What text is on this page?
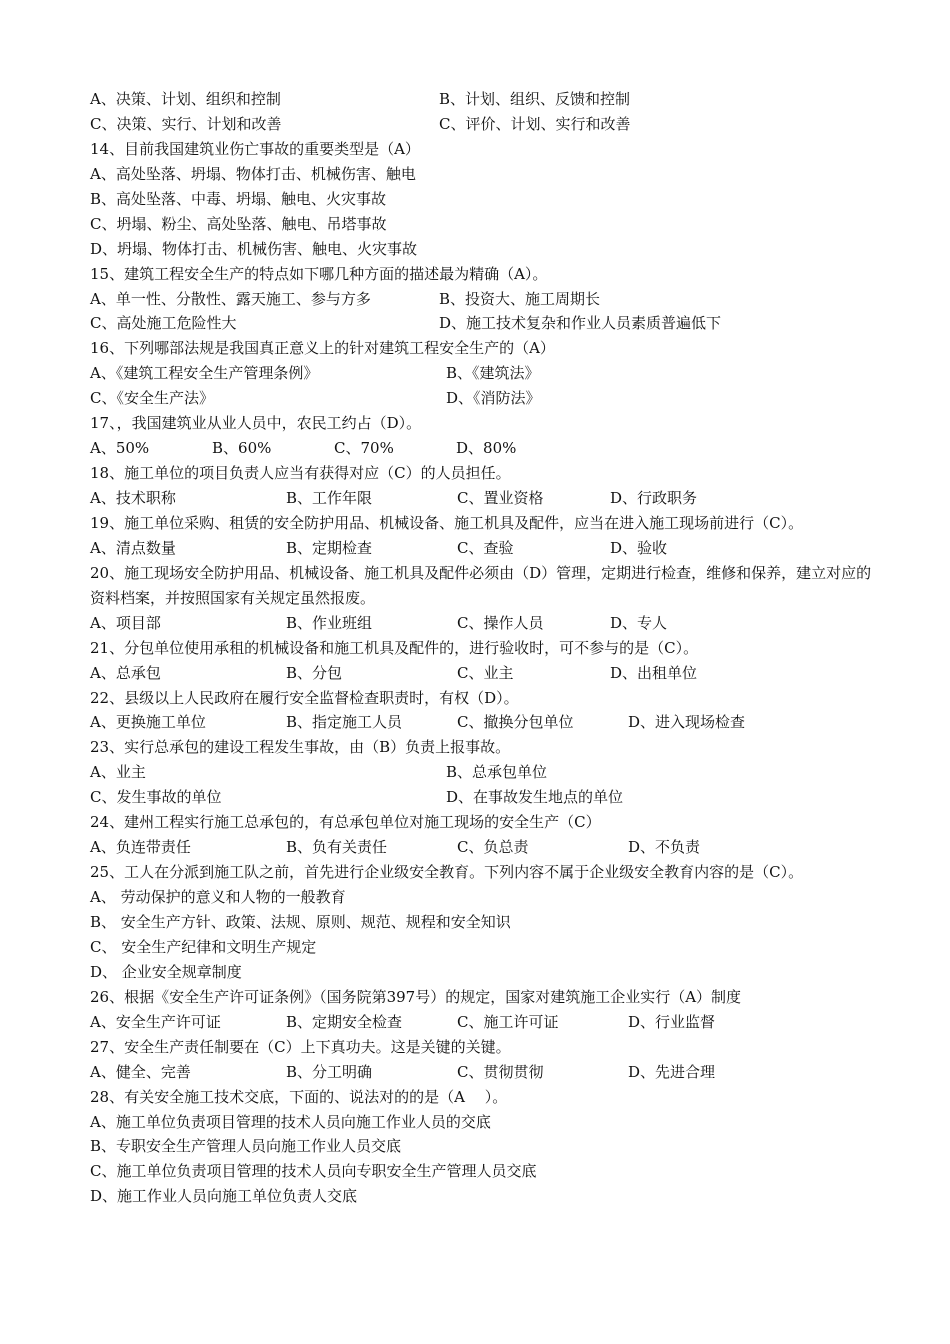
A、决策、计划、组织和控制	B、计划、组织、反馈和控制
C、决策、实行、计划和改善	C、评价、计划、实行和改善
14、目前我国建筑业伤亡事故的重要类型是（A）
A、高处坠落、坍塌、物体打击、机械伤害、触电
B、高处坠落、中毒、坍塌、触电、火灾事故
C、坍塌、粉尘、高处坠落、触电、吊塔事故
D、坍塌、物体打击、机械伤害、触电、火灾事故
15、建筑工程安全生产的特点如下哪几种方面的描述最为精确（A）。
A、单一性、分散性、露天施工、参与方多	B、投资大、施工周期长
C、高处施工危险性大	D、施工技术复杂和作业人员素质普遍低下
16、下列哪部法规是我国真正意义上的针对建筑工程安全生产的（A）
A、《建筑工程安全生产管理条例》	B、《建筑法》
C、《安全生产法》	D、《消防法》
17、，我国建筑业从业人员中，农民工约占（D）。
A、50%	B、60%	C、70%	D、80%
18、施工单位的项目负责人应当有获得对应（C）的人员担任。
A、技术职称	B、工作年限	C、置业资格	D、行政职务
19、施工单位采购、租赁的安全防护用品、机械设备、施工机具及配件，应当在进入施工现场前进行（C）。
A、清点数量	B、定期检查	C、查验	D、验收
20、施工现场安全防护用品、机械设备、施工机具及配件必须由（D）管理，定期进行检查，维修和保养，建立对应的资料档案，并按照国家有关规定虽然报废。
A、项目部	B、作业班组	C、操作人员	D、专人
21、分包单位使用承租的机械设备和施工机具及配件的，进行验收时，可不参与的是（C）。
A、总承包	B、分包	C、业主	D、出租单位
22、县级以上人民政府在履行安全监督检查职责时，有权（D）。
A、更换施工单位	B、指定施工人员	C、撤换分包单位	D、进入现场检查
23、实行总承包的建设工程发生事故，由（B）负责上报事故。
A、业主	B、总承包单位
C、发生事故的单位	D、在事故发生地点的单位
24、建州工程实行施工总承包的，有总承包单位对施工现场的安全生产（C）
A、负连带责任	B、负有关责任	C、负总责	D、不负责
25、工人在分派到施工队之前，首先进行企业级安全教育。下列内容不属于企业级安全教育内容的是（C）。
A、 劳动保护的意义和人物的一般教育
B、 安全生产方针、政策、法规、原则、规范、规程和安全知识
C、 安全生产纪律和文明生产规定
D、 企业安全规章制度
26、根据《安全生产许可证条例》（国务院第397号）的规定，国家对建筑施工企业实行（A）制度
A、安全生产许可证	B、定期安全检查	C、施工许可证	D、行业监督
27、安全生产责任制要在（C）上下真功夫。这是关键的关键。
A、健全、完善	B、分工明确	C、贯彻贯彻	D、先进合理
28、有关安全施工技术交底，下面的、说法对的的是（A　 ）。
A、施工单位负责项目管理的技术人员向施工作业人员的交底
B、专职安全生产管理人员向施工作业人员交底
C、施工单位负责项目管理的技术人员向专职安全生产管理人员交底
D、施工作业人员向施工单位负责人交底
